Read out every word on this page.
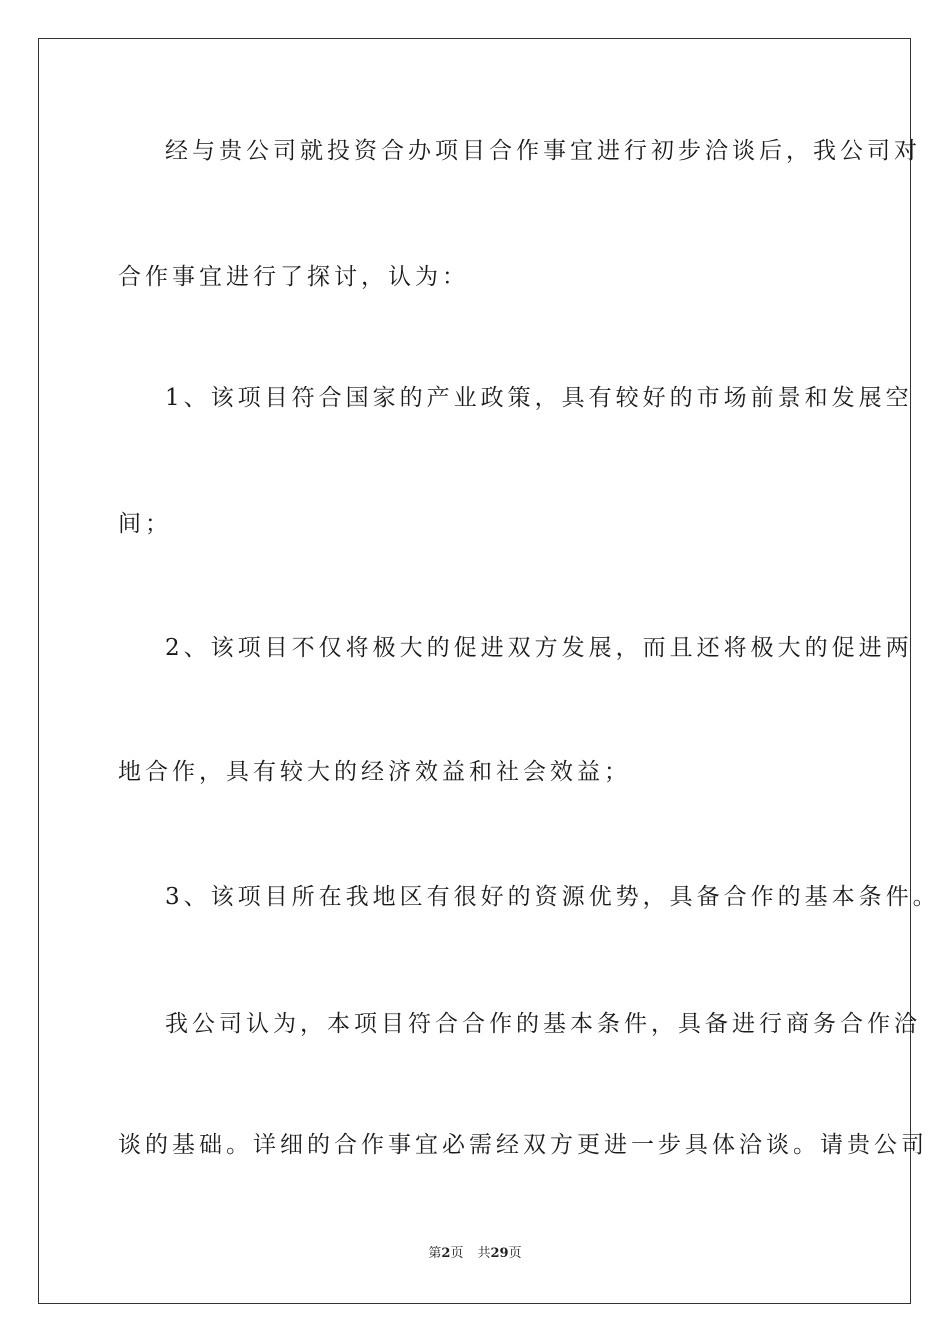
经与贵公司就投资合办项目合作事宜进行初步洽谈后，我公司对
合作事宜进行了探讨，认为：
1、该项目符合国家的产业政策，具有较好的市场前景和发展空
间；
2、该项目不仅将极大的促进双方发展，而且还将极大的促进两
地合作，具有较大的经济效益和社会效益；
3、该项目所在我地区有很好的资源优势，具备合作的基本条件。
我公司认为，本项目符合合作的基本条件，具备进行商务合作洽
谈的基础。详细的合作事宜必需经双方更进一步具体洽谈。请贵公司
第2页 共29页
